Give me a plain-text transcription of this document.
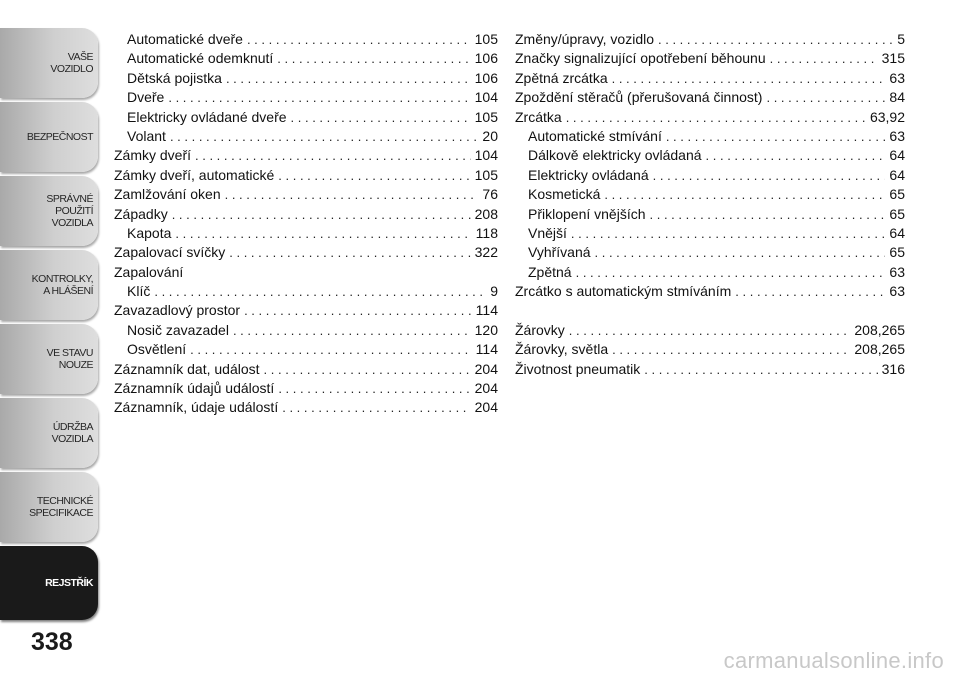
VAŠE
VOZIDLO
BEZPEČNOST
SPRÁVNÉ
POUŽITÍ
VOZIDLA
KONTROLKY,
A HLÁŠENÍ
VE STAVU
NOUZE
ÚDRŽBA
VOZIDLA
TECHNICKÉ
SPECIFIKACE
REJSTŘÍK
338
Automatické dveře . . .	105
Automatické odemknutí . . .	106
Dětská pojistka . . .	106
Dveře . . .	104
Elektricky ovládané dveře . . .	105
Volant . . .	20
Zámky dveří . . .	104
Zámky dveří, automatické . . .	105
Zamlžování oken . . .	76
Západky . . .	208
Kapota . . .	118
Zapalovací svíčky . . .	322
Zapalování
Klíč . . .	9
Zavazadlový prostor . . .	114
Nosič zavazadel . . .	120
Osvětlení . . .	114
Záznamník dat, událost . . .	204
Záznamník údajů událostí . . .	204
Záznamník, údaje událostí . . .	204
Změny/úpravy, vozidlo . . .	5
Značky signalizující opotřebení běhounu . . .	315
Zpětná zrcátka . . .	63
Zpoždění stěračů (přerušovaná činnost) . . .	84
Zrcátka . . .	63,92
Automatické stmívání . . .	63
Dálkově elektricky ovládaná . . .	64
Elektricky ovládaná . . .	64
Kosmetická . . .	65
Přiklopení vnějších . . .	65
Vnější . . .	64
Vyhřívaná . . .	65
Zpětná . . .	63
Zrcátko s automatickým stmíváním . . .	63
Žárovky . . .	208,265
Žárovky, světla . . .	208,265
Životnost pneumatik . . .	316
carmanualsonline.info
